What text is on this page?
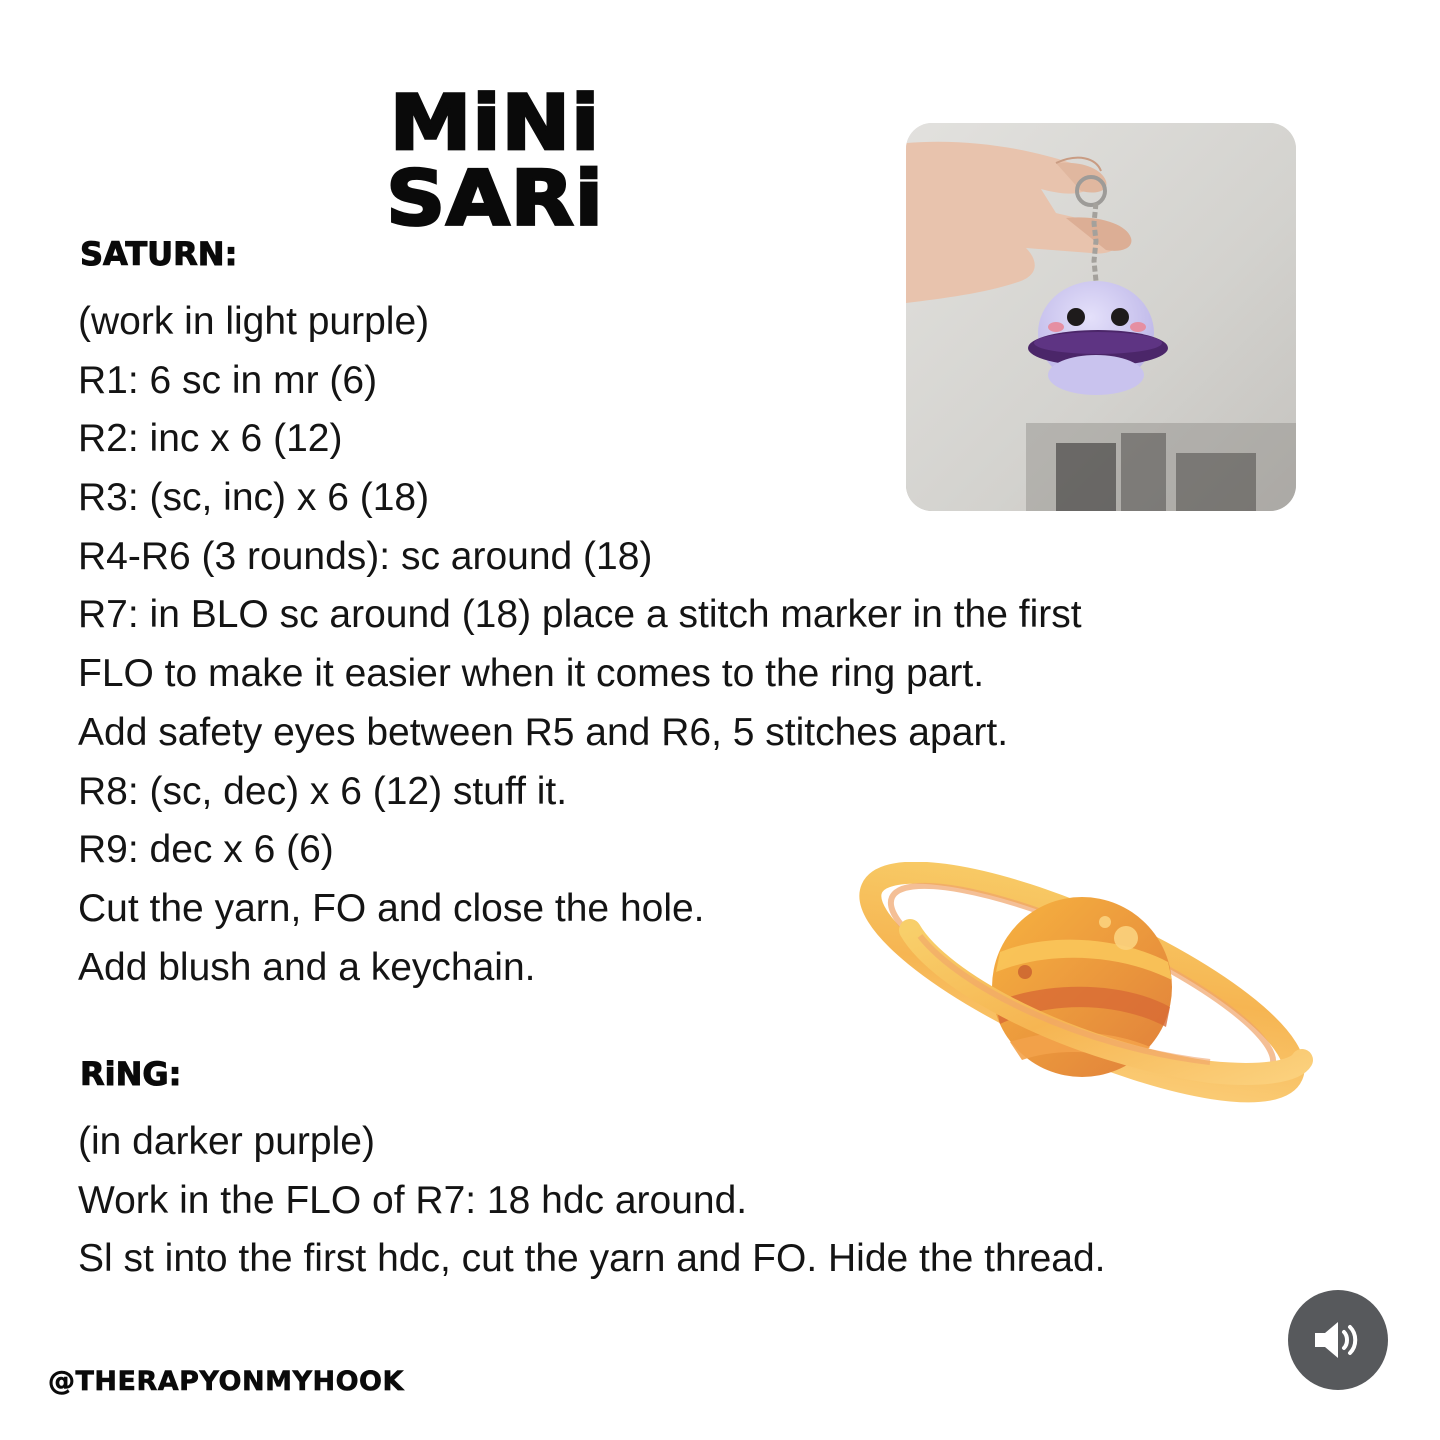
MiNi SARi
SATURN:
(work in light purple)
R1: 6 sc in mr (6)
R2: inc x 6 (12)
R3: (sc, inc) x 6 (18)
R4-R6 (3 rounds): sc around (18)
R7: in BLO sc around (18) place a stitch marker in the first
FLO to make it easier when it comes to the ring part.
Add safety eyes between R5 and R6, 5 stitches apart.
R8: (sc, dec) x 6 (12) stuff it.
R9: dec x 6 (6)
Cut the yarn, FO and close the hole.
Add blush and a keychain.
RiNG:
(in darker purple)
Work in the FLO of R7: 18 hdc around.
Sl st into the first hdc, cut the yarn and FO. Hide the thread.

@THERAPYONMYHOOK
